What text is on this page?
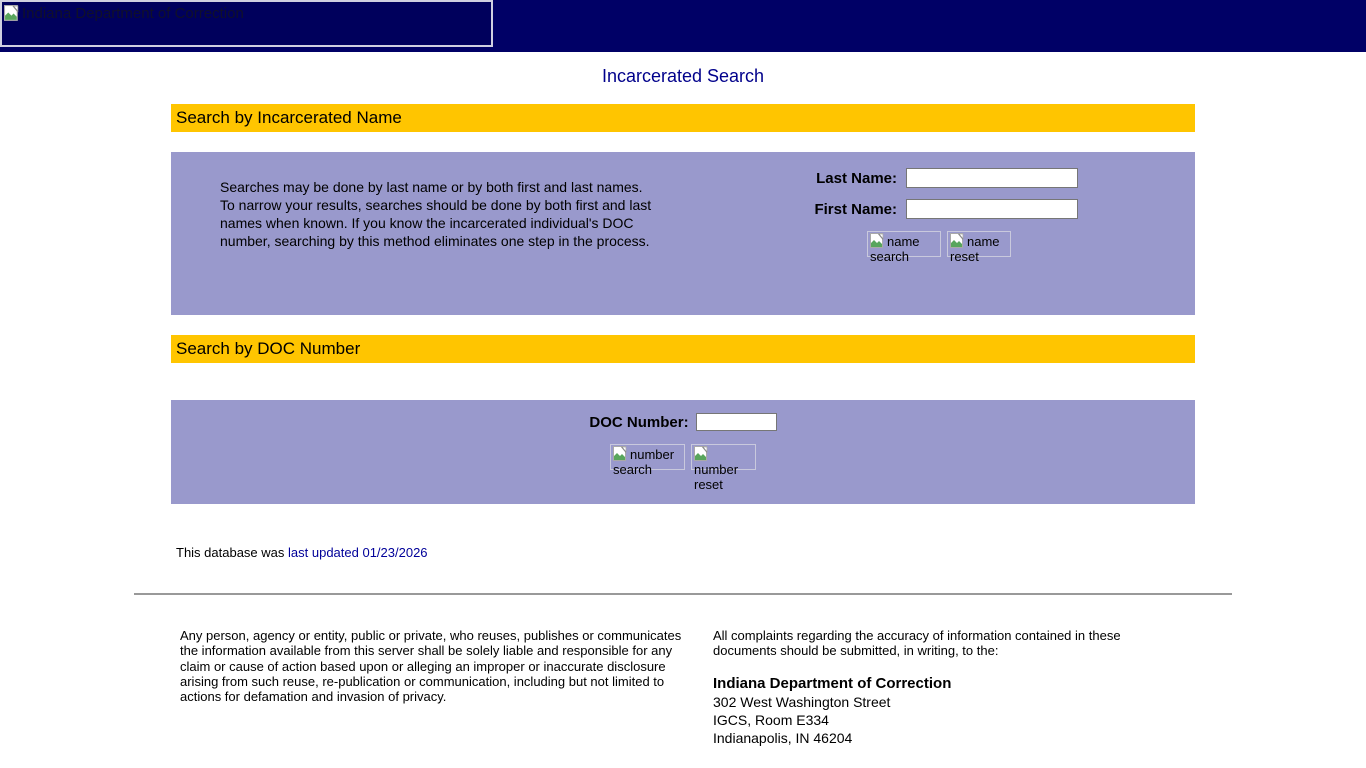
Indiana Department of Correction
Incarcerated Search
Search by Incarcerated Name
Searches may be done by last name or by both first and last names. To narrow your results, searches should be done by both first and last names when known. If you know the incarcerated individual's DOC number, searching by this method eliminates one step in the process.
Last Name:
First Name:
name search
name reset
Search by DOC Number
DOC Number:
number search	number reset
This database was last updated 01/23/2026
Any person, agency or entity, public or private, who reuses, publishes or communicates the information available from this server shall be solely liable and responsible for any claim or cause of action based upon or alleging an improper or inaccurate disclosure arising from such reuse, re-publication or communication, including but not limited to actions for defamation and invasion of privacy.
All complaints regarding the accuracy of information contained in these documents should be submitted, in writing, to the:
Indiana Department of Correction
302 West Washington Street
IGCS, Room E334
Indianapolis, IN 46204
